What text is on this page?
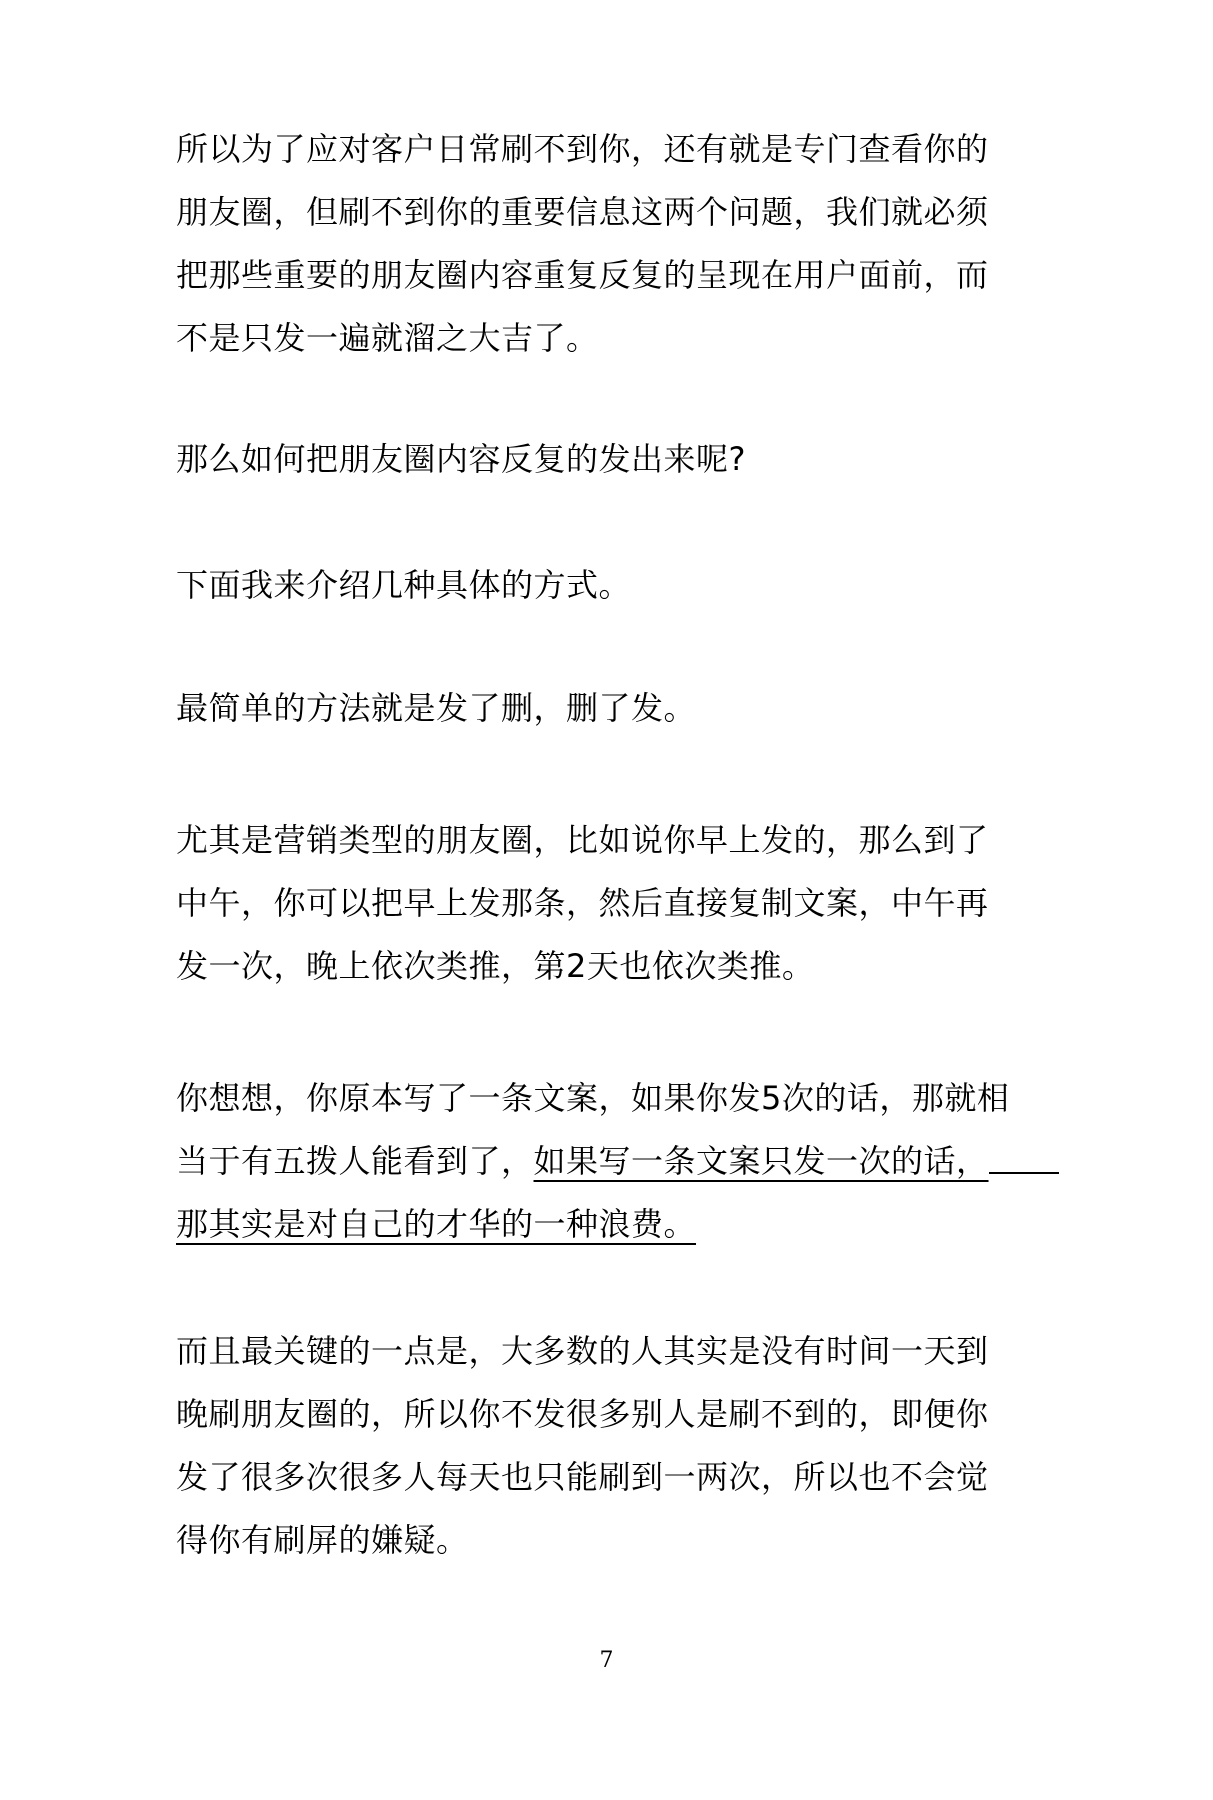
所以为了应对客户日常刷不到你，还有就是专门查看你的
朋友圈，但刷不到你的重要信息这两个问题，我们就必须
把那些重要的朋友圈内容重复反复的呈现在用户面前，而
不是只发一遍就溜之大吉了。
那么如何把朋友圈内容反复的发出来呢?
下面我来介绍几种具体的方式。
最简单的方法就是发了删，删了发。
尤其是营销类型的朋友圈，比如说你早上发的，那么到了
中午，你可以把早上发那条，然后直接复制文案，中午再
发一次，晚上依次类推，第2天也依次类推。
你想想，你原本写了一条文案，如果你发5次的话，那就相
当于有五拨人能看到了，如果写一条文案只发一次的话，
那其实是对自己的才华的一种浪费。
而且最关键的一点是，大多数的人其实是没有时间一天到
晚刷朋友圈的，所以你不发很多别人是刷不到的，即便你
发了很多次很多人每天也只能刷到一两次，所以也不会觉
得你有刷屏的嫌疑。
7
